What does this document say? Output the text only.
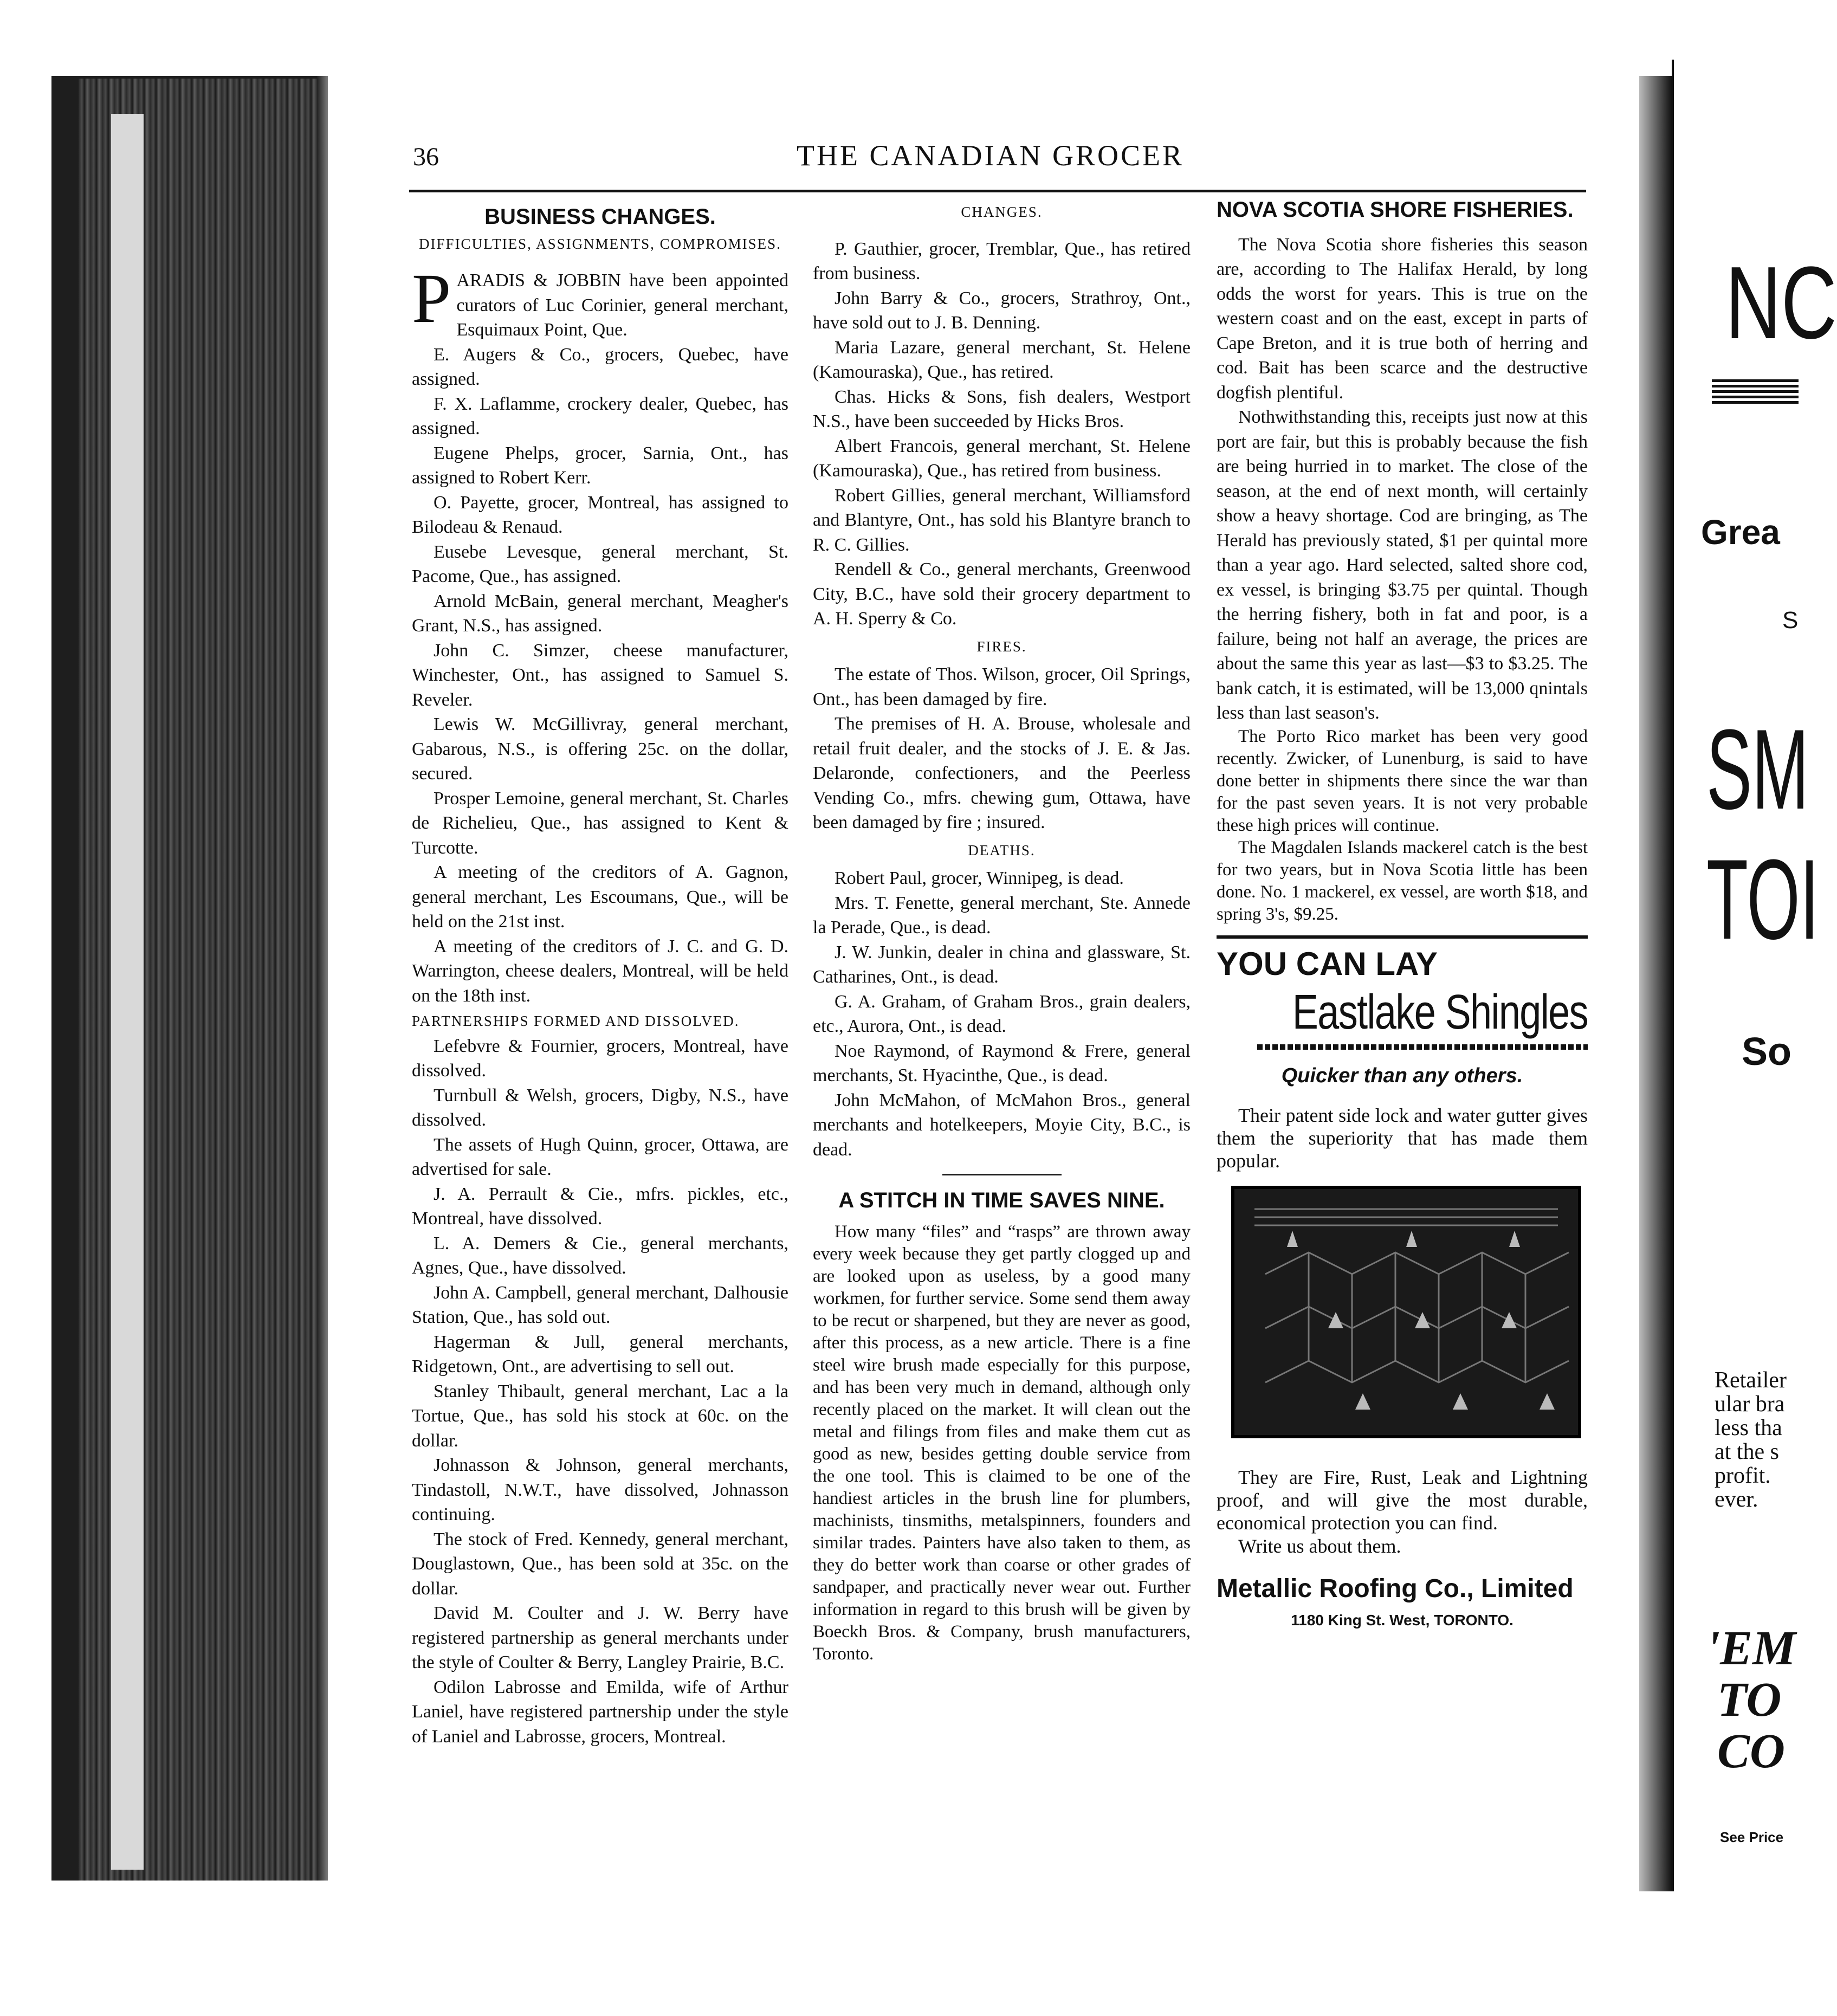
NC
Grea
S
SM
TOI
So
Retailer
ular bra
less tha
at the s
profit.
ever.
'EM
TO
CO
See Price
36	THE CANADIAN GROCER
BUSINESS CHANGES.
DIFFICULTIES, ASSIGNMENTS, COMPROMISES.

PARADIS & JOBBIN have been appointed curators of Luc Corinier, general merchant, Esquimaux Point, Que.

E. Augers & Co., grocers, Quebec, have assigned.

F. X. Laflamme, crockery dealer, Quebec, has assigned.

Eugene Phelps, grocer, Sarnia, Ont., has assigned to Robert Kerr.

O. Payette, grocer, Montreal, has assigned to Bilodeau & Renaud.

Eusebe Levesque, general merchant, St. Pacome, Que., has assigned.

Arnold McBain, general merchant, Meagher's Grant, N.S., has assigned.

John C. Simzer, cheese manufacturer, Winchester, Ont., has assigned to Samuel S. Reveler.

Lewis W. McGillivray, general merchant, Gabarous, N.S., is offering 25c. on the dollar, secured.

Prosper Lemoine, general merchant, St. Charles de Richelieu, Que., has assigned to Kent & Turcotte.

A meeting of the creditors of A. Gagnon, general merchant, Les Escoumans, Que., will be held on the 21st inst.

A meeting of the creditors of J. C. and G. D. Warrington, cheese dealers, Montreal, will be held on the 18th inst.

PARTNERSHIPS FORMED AND DISSOLVED.

Lefebvre & Fournier, grocers, Montreal, have dissolved.

Turnbull & Welsh, grocers, Digby, N.S., have dissolved.

The assets of Hugh Quinn, grocer, Ottawa, are advertised for sale.

J. A. Perrault & Cie., mfrs. pickles, etc., Montreal, have dissolved.

L. A. Demers & Cie., general merchants, Agnes, Que., have dissolved.

John A. Campbell, general merchant, Dalhousie Station, Que., has sold out.

Hagerman & Jull, general merchants, Ridgetown, Ont., are advertising to sell out.

Stanley Thibault, general merchant, Lac a la Tortue, Que., has sold his stock at 60c. on the dollar.

Johnasson & Johnson, general merchants, Tindastoll, N.W.T., have dissolved, Johnasson continuing.

The stock of Fred. Kennedy, general merchant, Douglastown, Que., has been sold at 35c. on the dollar.

David M. Coulter and J. W. Berry have registered partnership as general merchants under the style of Coulter & Berry, Langley Prairie, B.C.

Odilon Labrosse and Emilda, wife of Arthur Laniel, have registered partnership under the style of Laniel and Labrosse, grocers, Montreal.

CHANGES.

P. Gauthier, grocer, Tremblar, Que., has retired from business.

John Barry & Co., grocers, Strathroy, Ont., have sold out to J. B. Denning.

Maria Lazare, general merchant, St. Helene (Kamouraska), Que., has retired.

Chas. Hicks & Sons, fish dealers, Westport N.S., have been succeeded by Hicks Bros.

Albert Francois, general merchant, St. Helene (Kamouraska), Que., has retired from business.

Robert Gillies, general merchant, Williamsford and Blantyre, Ont., has sold his Blantyre branch to R. C. Gillies.

Rendell & Co., general merchants, Greenwood City, B.C., have sold their grocery department to A. H. Sperry & Co.

FIRES.

The estate of Thos. Wilson, grocer, Oil Springs, Ont., has been damaged by fire.

The premises of H. A. Brouse, wholesale and retail fruit dealer, and the stocks of J. E. & Jas. Delaronde, confectioners, and the Peerless Vending Co., mfrs. chewing gum, Ottawa, have been damaged by fire ; insured.

DEATHS.

Robert Paul, grocer, Winnipeg, is dead.

Mrs. T. Fenette, general merchant, Ste. Annede la Perade, Que., is dead.

J. W. Junkin, dealer in china and glassware, St. Catharines, Ont., is dead.

G. A. Graham, of Graham Bros., grain dealers, etc., Aurora, Ont., is dead.

Noe Raymond, of Raymond & Frere, general merchants, St. Hyacinthe, Que., is dead.

John McMahon, of McMahon Bros., general merchants and hotelkeepers, Moyie City, B.C., is dead.

A STITCH IN TIME SAVES NINE.

How many “files” and “rasps” are thrown away every week because they get partly clogged up and are looked upon as useless, by a good many workmen, for further service. Some send them away to be recut or sharpened, but they are never as good, after this process, as a new article. There is a fine steel wire brush made especially for this purpose, and has been very much in demand, although only recently placed on the market. It will clean out the metal and filings from files and make them cut as good as new, besides getting double service from the one tool. This is claimed to be one of the handiest articles in the brush line for plumbers, machinists, tinsmiths, metalspinners, founders and similar trades. Painters have also taken to them, as they do better work than coarse or other grades of sandpaper, and practically never wear out. Further information in regard to this brush will be given by Boeckh Bros. & Company, brush manufacturers, Toronto.

NOVA SCOTIA SHORE FISHERIES.

The Nova Scotia shore fisheries this season are, according to The Halifax Herald, by long odds the worst for years. This is true on the western coast and on the east, except in parts of Cape Breton, and it is true both of herring and cod. Bait has been scarce and the destructive dogfish plentiful.

Nothwithstanding this, receipts just now at this port are fair, but this is probably because the fish are being hurried in to market. The close of the season, at the end of next month, will certainly show a heavy shortage. Cod are bringing, as The Herald has previously stated, $1 per quintal more than a year ago. Hard selected, salted shore cod, ex vessel, is bringing $3.75 per quintal. Though the herring fishery, both in fat and poor, is a failure, being not half an average, the prices are about the same this year as last—$3 to $3.25. The bank catch, it is estimated, will be 13,000 qnintals less than last season's.

The Porto Rico market has been very good recently. Zwicker, of Lunenburg, is said to have done better in shipments there since the war than for the past seven years. It is not very probable these high prices will continue.

The Magdalen Islands mackerel catch is the best for two years, but in Nova Scotia little has been done. No. 1 mackerel, ex vessel, are worth $18, and spring 3's, $9.25.

YOU CAN LAY
Eastlake Shingles
Quicker than any others.

Their patent side lock and water gutter gives them the superiority that has made them popular.

They are Fire, Rust, Leak and Lightning proof, and will give the most durable, economical protection you can find.

Write us about them.

Metallic Roofing Co., Limited
1180 King St. West, TORONTO.
